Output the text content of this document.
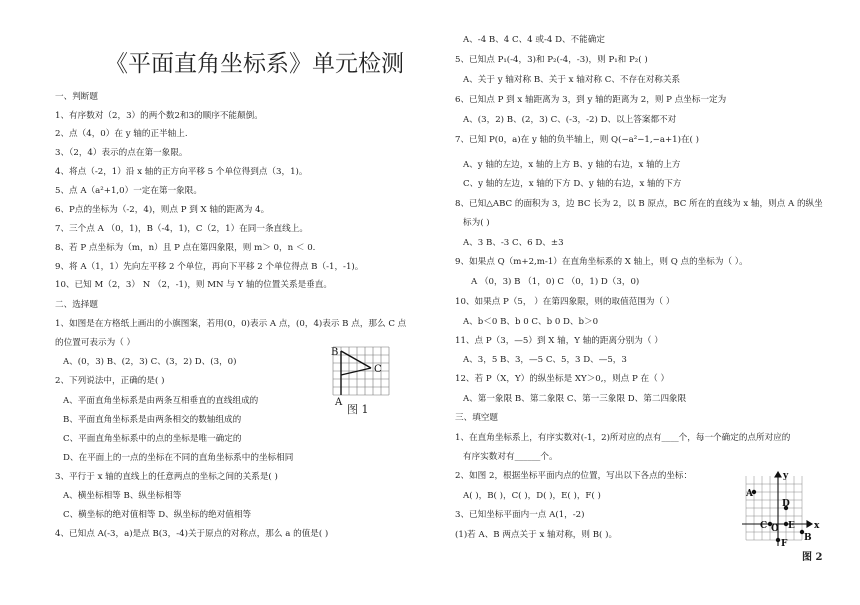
《平面直角坐标系》单元检测
一、判断题
1、有序数对（2，3）的两个数2和3的顺序不能颠倒。
2、点（4，0）在 y 轴的正半轴上.
3、（2，4）表示的点在第一象限。
4、将点（-2，1）沿 x 轴的正方向平移 5 个单位得到点（3，1)。
5、点 A（a²+1,0）一定在第一象限。
6、P点的坐标为（-2，4)，则点 P 到 X 轴的距离为 4。
7、三个点 A （0，1)，B（-4，1)，C（2，1）在同一条直线上。
8、若 P 点坐标为（m，n）且 P 点在第四象限，则 m＞ 0，n ＜ 0.
9、将 A（1，1）先向左平移 2 个单位，再向下平移 2 个单位得点 B（-1，-1)。
10、已知 M（2，3） N （2，-1)，则 MN 与 Y 轴的位置关系是垂直。
二、选择题
1、如图是在方格纸上画出的小旗图案，若用(0，0)表示 A 点，(0，4)表示 B 点，那么 C 点
的位置可表示为（ ）
A、(0，3) B、(2，3) C、(3，2) D、(3，0)
2、下列说法中，正确的是( )
A、平面直角坐标系是由两条互相垂直的直线组成的
B、平面直角坐标系是由两条相交的数轴组成的
C、平面直角坐标系中的点的坐标是唯一确定的
D、在平面上的一点的坐标在不同的直角坐标系中的坐标相同
3、平行于 x 轴的直线上的任意两点的坐标之间的关系是( )
A、横坐标相等 B、纵坐标相等
C、横坐标的绝对值相等 D、纵坐标的绝对值相等
4、已知点 A(-3，a)是点 B(3，-4)关于原点的对称点，那么 a 的值是( )
B
C
A
图 1
A、-4 B、4 C、4 或-4 D、不能确定
5、已知点 P₁(-4，3)和 P₂(-4，-3)，则 P₁和 P₂( )
A、关于 y 轴对称 B、关于 x 轴对称 C、不存在对称关系
6、已知点 P 到 x 轴距离为 3，到 y 轴的距离为 2，则 P 点坐标一定为
A、(3，2) B、(2，3) C、(-3，-2) D、以上答案都不对
7、已知 P(0，a)在 y 轴的负半轴上，则 Q(−a²−1,−a+1)在( )
A、y 轴的左边，x 轴的上方 B、y 轴的右边，x 轴的上方
C、y 轴的左边，x 轴的下方 D、y 轴的右边，x 轴的下方
8、已知△ABC 的面积为 3，边 BC 长为 2，以 B 原点，BC 所在的直线为 x 轴，则点 A 的纵坐
标为( )
A、3 B、-3 C、6 D、±3
9、如果点 Q（m+2,m-1）在直角坐标系的 X 轴上，则 Q 点的坐标为（ ）。
A （0，3) B （1，0) C （0，1) D（3，0)
10、如果点 P（5， ）在第四象限，则的取值范围为（ ）
A、b＜0 B、b 0 C、b 0 D、b＞0
11、点 P（3，—5）到 X 轴，Y 轴的距离分别为（ ）
A、3，5 B、3，—5 C、5，3 D、—5，3
12、若 P（X，Y）的纵坐标是 XY＞0,，则点 P 在（ ）
A、第一象限 B、第二象限 C、第一三象限 D、第二四象限
三、填空题
1、在直角坐标系上，有序实数对(-1，2)所对应的点有____个，每一个确定的点所对应的
有序实数对有______个。
2、如图 2，根据坐标平面内点的位置，写出以下各点的坐标：
A( )，B( )，C( )，D( )，E( )，F( )
3、已知坐标平面内一点 A(1，-2)
(1)若 A、B 两点关于 x 轴对称，则 B( )。
A
B
C
D
E
F
O	x
y
图 2
